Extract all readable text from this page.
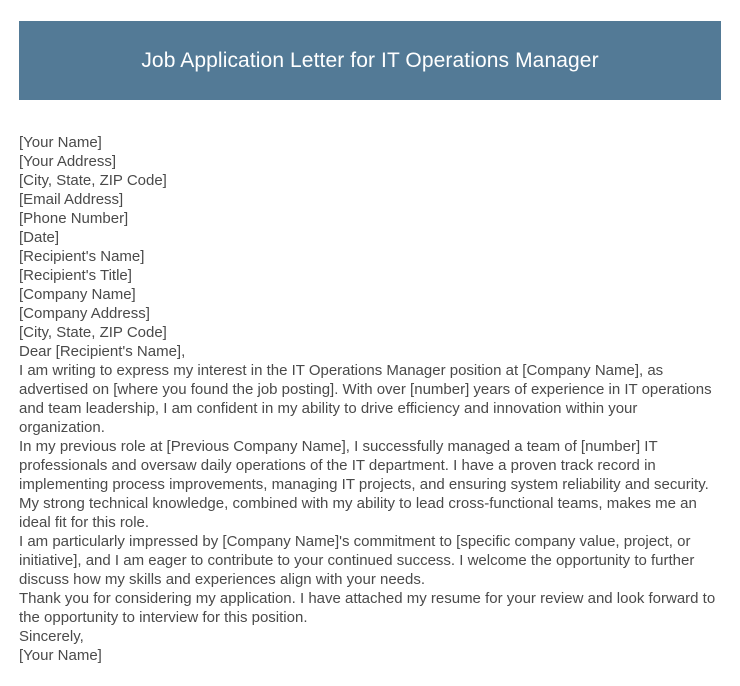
Job Application Letter for IT Operations Manager
[Your Name]
[Your Address]
[City, State, ZIP Code]
[Email Address]
[Phone Number]
[Date]
[Recipient's Name]
[Recipient's Title]
[Company Name]
[Company Address]
[City, State, ZIP Code]
Dear [Recipient's Name],

I am writing to express my interest in the IT Operations Manager position at [Company Name], as advertised on [where you found the job posting]. With over [number] years of experience in IT operations and team leadership, I am confident in my ability to drive efficiency and innovation within your organization.

In my previous role at [Previous Company Name], I successfully managed a team of [number] IT professionals and oversaw daily operations of the IT department. I have a proven track record in implementing process improvements, managing IT projects, and ensuring system reliability and security. My strong technical knowledge, combined with my ability to lead cross-functional teams, makes me an ideal fit for this role.

I am particularly impressed by [Company Name]'s commitment to [specific company value, project, or initiative], and I am eager to contribute to your continued success. I welcome the opportunity to further discuss how my skills and experiences align with your needs.

Thank you for considering my application. I have attached my resume for your review and look forward to the opportunity to interview for this position.

Sincerely,
[Your Name]
